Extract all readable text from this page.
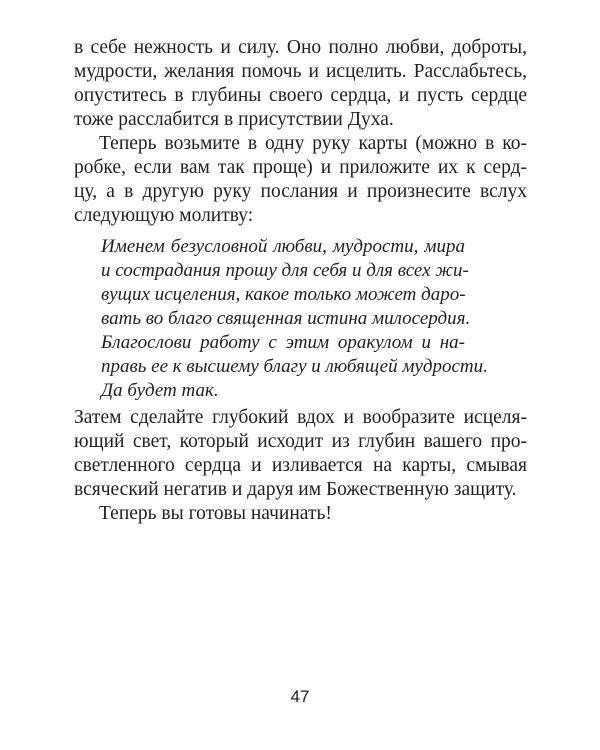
в себе нежность и силу. Оно полно любви, доброты,
мудрости, желания помочь и исцелить. Расслабьтесь,
опуститесь в глубины своего сердца, и пусть сердце
тоже расслабится в присутствии Духа.
Теперь возьмите в одну руку карты (можно в ко-
робке, если вам так проще) и приложите их к серд-
цу, а в другую руку послания и произнесите вслух
следующую молитву:
Именем безусловной любви, мудрости, мира
и сострадания прошу для себя и для всех жи-
вущих исцеления, какое только может даро-
вать во благо священная истина милосердия.
Благослови работу с этим оракулом и на-
правь ее к высшему благу и любящей мудрости.
Да будет так.
Затем сделайте глубокий вдох и вообразите исцеля-
ющий свет, который исходит из глубин вашего про-
светленного сердца и изливается на карты, смывая
всяческий негатив и даруя им Божественную защиту.
Теперь вы готовы начинать!
47
